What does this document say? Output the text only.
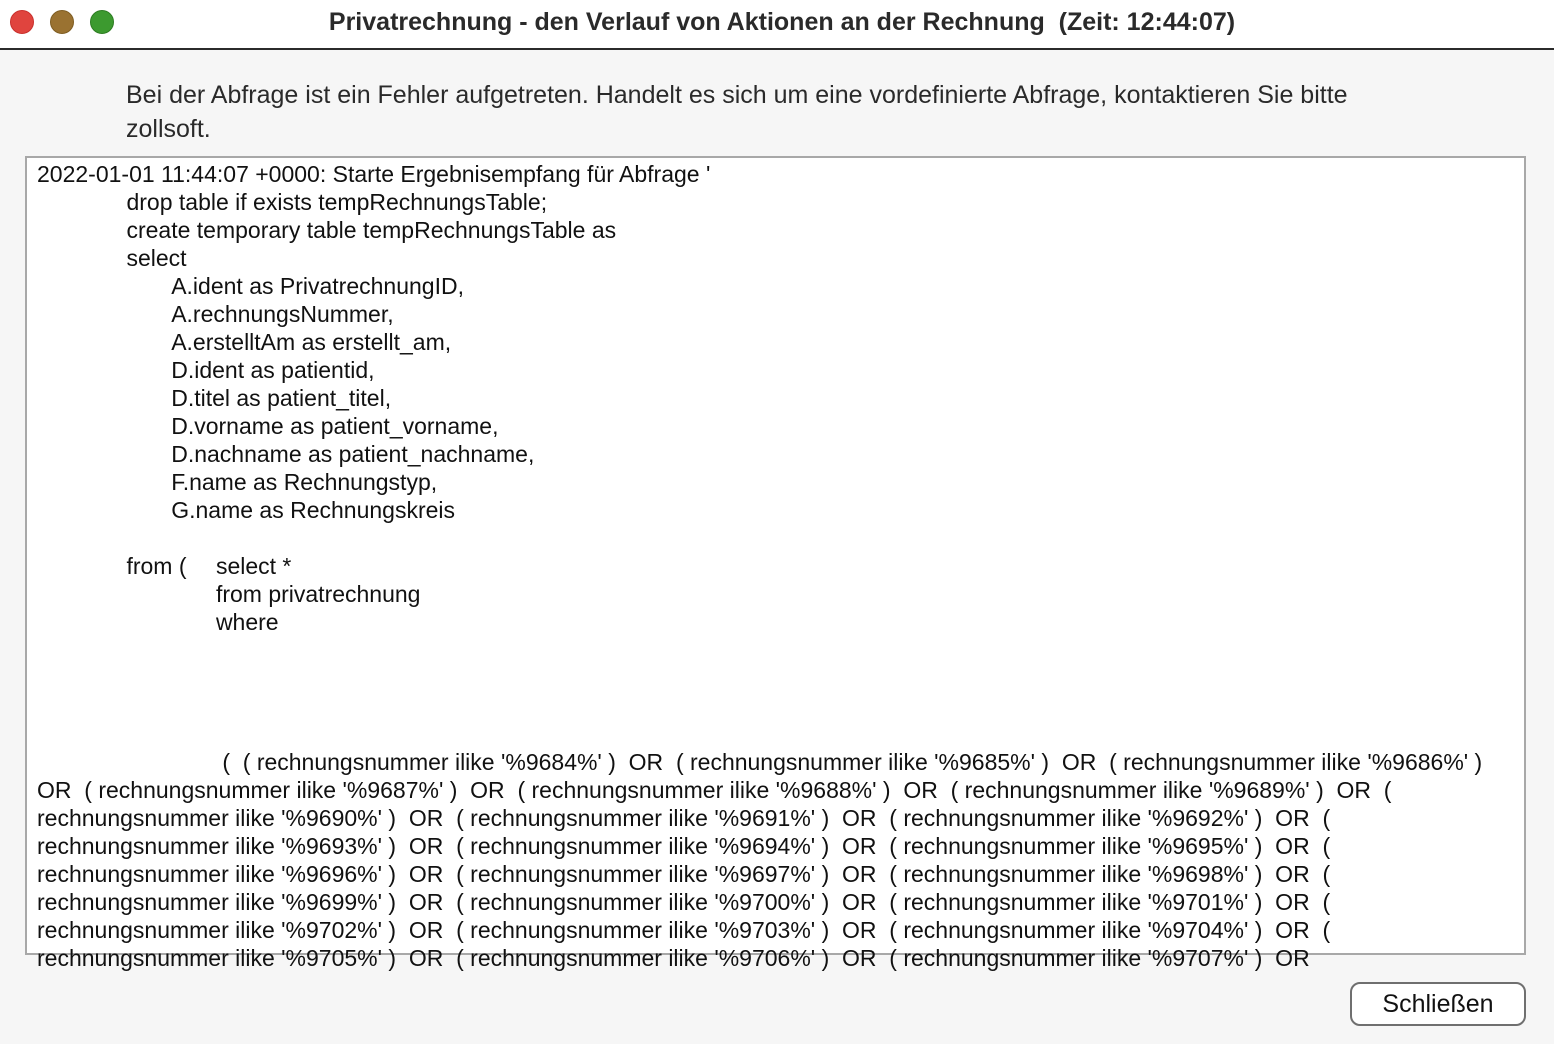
Privatrechnung - den Verlauf von Aktionen an der Rechnung  (Zeit: 12:44:07)
Bei der Abfrage ist ein Fehler aufgetreten. Handelt es sich um eine vordefinierte Abfrage, kontaktieren Sie bitte zollsoft.
2022-01-01 11:44:07 +0000: Starte Ergebnisempfang für Abfrage '
		drop table if exists tempRechnungsTable;
		create temporary table tempRechnungsTable as
		select
			A.ident as PrivatrechnungID,
			A.rechnungsNummer,
			A.erstelltAm as erstellt_am,
			D.ident as patientid,
			D.titel as patient_titel,
			D.vorname as patient_vorname,
			D.nachname as patient_nachname,
			F.name as Rechnungstyp,
			G.name as Rechnungskreis

		from (	select *
				from privatrechnung
				where

				(  ( rechnungsnummer ilike '%9684%' )  OR  ( rechnungsnummer ilike '%9685%' )  OR  ( rechnungsnummer ilike '%9686%' )  OR  ( rechnungsnummer ilike '%9687%' )  OR  ( rechnungsnummer ilike '%9688%' )  OR  ( rechnungsnummer ilike '%9689%' )  OR  ( rechnungsnummer ilike '%9690%' )  OR  ( rechnungsnummer ilike '%9691%' )  OR  ( rechnungsnummer ilike '%9692%' )  OR  ( rechnungsnummer ilike '%9693%' )  OR  ( rechnungsnummer ilike '%9694%' )  OR  ( rechnungsnummer ilike '%9695%' )  OR  ( rechnungsnummer ilike '%9696%' )  OR  ( rechnungsnummer ilike '%9697%' )  OR  ( rechnungsnummer ilike '%9698%' )  OR  ( rechnungsnummer ilike '%9699%' )  OR  ( rechnungsnummer ilike '%9700%' )  OR  ( rechnungsnummer ilike '%9701%' )  OR  ( rechnungsnummer ilike '%9702%' )  OR  ( rechnungsnummer ilike '%9703%' )  OR  ( rechnungsnummer ilike '%9704%' )  OR  ( rechnungsnummer ilike '%9705%' )  OR  ( rechnungsnummer ilike '%9706%' )  OR  ( rechnungsnummer ilike '%9707%' )  OR
Schließen
